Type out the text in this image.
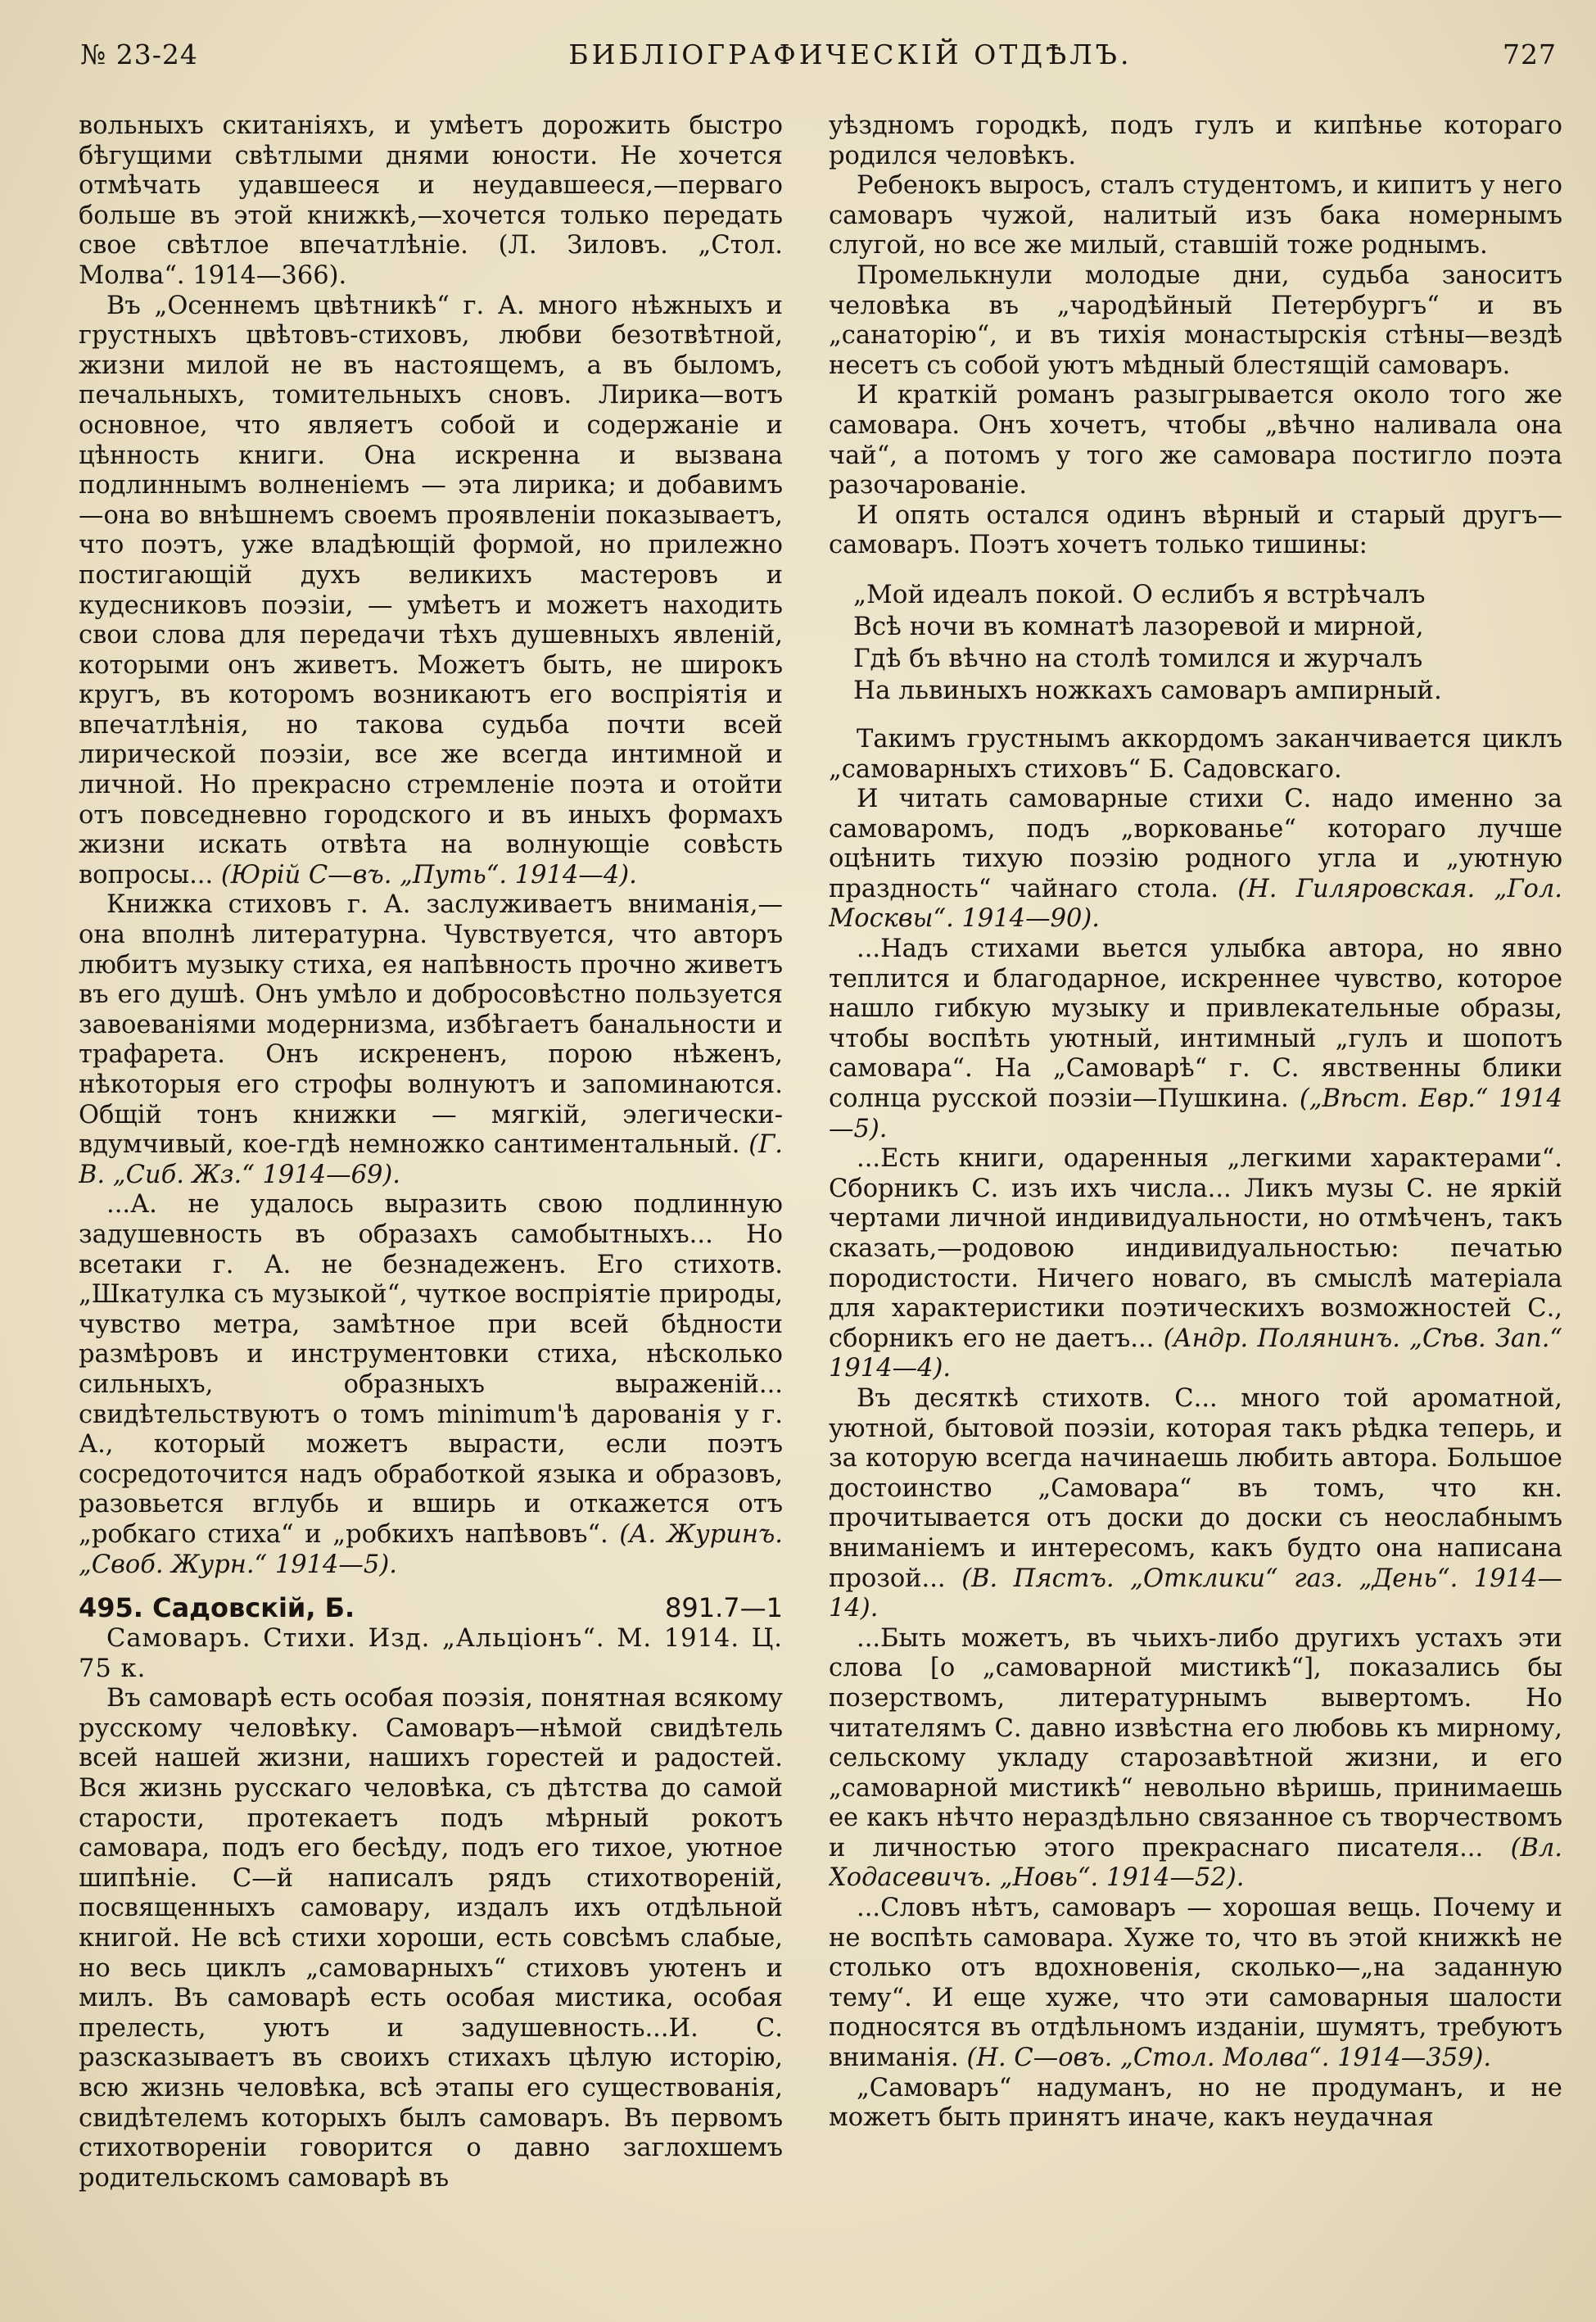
№ 23-24	БИБЛІОГРАФИЧЕСКІЙ ОТДѢЛЪ.	727

вольныхъ скитаніяхъ, и умѣетъ дорожить быстро бѣгущими свѣтлыми днями юности. Не хочется отмѣчать удавшееся и неудавшееся,—перваго больше въ этой книжкѣ,—хочется только передать свое свѣтлое впечатлѣніе. (Л. Зиловъ. „Стол. Молва“. 1914—366).

Въ „Осеннемъ цвѣтникѣ“ г. А. много нѣжныхъ и грустныхъ цвѣтовъ-стиховъ, любви безотвѣтной, жизни милой не въ настоящемъ, а въ быломъ, печальныхъ, томительныхъ сновъ. Лирика—вотъ основное, что являетъ собой и содержаніе и цѣнность книги. Она искренна и вызвана подлиннымъ волненіемъ — эта лирика; и добавимъ—она во внѣшнемъ своемъ проявленіи показываетъ, что поэтъ, уже владѣющій формой, но прилежно постигающій духъ великихъ мастеровъ и кудесниковъ поэзіи, — умѣетъ и можетъ находить свои слова для передачи тѣхъ душевныхъ явленій, которыми онъ живетъ. Можетъ быть, не широкъ кругъ, въ которомъ возникаютъ его воспріятія и впечатлѣнія, но такова судьба почти всей лирической поэзіи, все же всегда интимной и личной. Но прекрасно стремленіе поэта и отойти отъ повседневно городского и въ иныхъ формахъ жизни искать отвѣта на волнующіе совѣсть вопросы... (Юрій С—въ. „Путь“. 1914—4).

Книжка стиховъ г. А. заслуживаетъ вниманія,—она вполнѣ литературна. Чувствуется, что авторъ любитъ музыку стиха, ея напѣвность прочно живетъ въ его душѣ. Онъ умѣло и добросовѣстно пользуется завоеваніями модернизма, избѣгаетъ банальности и трафарета. Онъ искрененъ, порою нѣженъ, нѣкоторыя его строфы волнуютъ и запоминаются. Общій тонъ книжки — мягкій, элегически-вдумчивый, кое-гдѣ немножко сантиментальный. (Г. В. „Сиб. Жз.“ 1914—69).

...А. не удалось выразить свою подлинную задушевность въ образахъ самобытныхъ... Но всетаки г. А. не безнадеженъ. Его стихотв. „Шкатулка съ музыкой“, чуткое воспріятіе природы, чувство метра, замѣтное при всей бѣдности размѣровъ и инструментовки стиха, нѣсколько сильныхъ, образныхъ выраженій... свидѣтельствуютъ о томъ minimum'ѣ дарованія у г. А., который можетъ вырасти, если поэтъ сосредоточится надъ обработкой языка и образовъ, разовьется вглубь и вширь и откажется отъ „робкаго стиха“ и „робкихъ напѣвовъ“. (А. Журинъ. „Своб. Журн.“ 1914—5).

495. Садовскій, Б.	891.7—1

Самоваръ. Стихи. Изд. „Альціонъ“. М. 1914. Ц. 75 к.

Въ самоварѣ есть особая поэзія, понятная всякому русскому человѣку. Самоваръ—нѣмой свидѣтель всей нашей жизни, нашихъ горестей и радостей. Вся жизнь русскаго человѣка, съ дѣтства до самой старости, протекаетъ подъ мѣрный рокотъ самовара, подъ его бесѣду, подъ его тихое, уютное шипѣніе. С—й написалъ рядъ стихотвореній, посвященныхъ самовару, издалъ ихъ отдѣльной книгой. Не всѣ стихи хороши, есть совсѣмъ слабые, но весь циклъ „самоварныхъ“ стиховъ уютенъ и милъ. Въ самоварѣ есть особая мистика, особая прелесть, уютъ и задушевность...И. С. разсказываетъ въ своихъ стихахъ цѣлую исторію, всю жизнь человѣка, всѣ этапы его существованія, свидѣтелемъ которыхъ былъ самоваръ. Въ первомъ стихотвореніи говорится о давно заглохшемъ родительскомъ самоварѣ въ

уѣздномъ городкѣ, подъ гулъ и кипѣнье котораго родился человѣкъ.

Ребенокъ выросъ, сталъ студентомъ, и кипитъ у него самоваръ чужой, налитый изъ бака номернымъ слугой, но все же милый, ставшій тоже роднымъ.

Промелькнули молодые дни, судьба заноситъ человѣка въ „чародѣйный Петербургъ“ и въ „санаторію“, и въ тихія монастырскія стѣны—вездѣ несетъ съ собой уютъ мѣдный блестящій самоваръ.

И краткій романъ разыгрывается около того же самовара. Онъ хочетъ, чтобы „вѣчно наливала она чай“, а потомъ у того же самовара постигло поэта разочарованіе.

И опять остался одинъ вѣрный и старый другъ—самоваръ. Поэтъ хочетъ только тишины:

„Мой идеалъ покой. О еслибъ я встрѣчалъ
Всѣ ночи въ комнатѣ лазоревой и мирной,
Гдѣ бъ вѣчно на столѣ томился и журчалъ
На львиныхъ ножкахъ самоваръ ампирный.

Такимъ грустнымъ аккордомъ заканчивается циклъ „самоварныхъ стиховъ“ Б. Садовскаго.

И читать самоварные стихи С. надо именно за самоваромъ, подъ „воркованье“ котораго лучше оцѣнить тихую поэзію родного угла и „уютную праздность“ чайнаго стола. (Н. Гиляровская. „Гол. Москвы“. 1914—90).

...Надъ стихами вьется улыбка автора, но явно теплится и благодарное, искреннее чувство, которое нашло гибкую музыку и привлекательные образы, чтобы воспѣть уютный, интимный „гулъ и шопотъ самовара“. На „Самоварѣ“ г. С. явственны блики солнца русской поэзіи—Пушкина. („Вѣст. Евр.“ 1914—5).

...Есть книги, одаренныя „легкими характерами“. Сборникъ С. изъ ихъ числа... Ликъ музы С. не яркій чертами личной индивидуальности, но отмѣченъ, такъ сказать,—родовою индивидуальностью: печатью породистости. Ничего новаго, въ смыслѣ матеріала для характеристики поэтическихъ возможностей С., сборникъ его не даетъ... (Андр. Полянинъ. „Сѣв. Зап.“ 1914—4).

Въ десяткѣ стихотв. С... много той ароматной, уютной, бытовой поэзіи, которая такъ рѣдка теперь, и за которую всегда начинаешь любить автора. Большое достоинство „Самовара“ въ томъ, что кн. прочитывается отъ доски до доски съ неослабнымъ вниманіемъ и интересомъ, какъ будто она написана прозой... (В. Пястъ. „Отклики“ газ. „День“. 1914—14).

...Быть можетъ, въ чьихъ-либо другихъ устахъ эти слова [о „самоварной мистикѣ“], показались бы позерствомъ, литературнымъ вывертомъ. Но читателямъ С. давно извѣстна его любовь къ мирному, сельскому укладу старозавѣтной жизни, и его „самоварной мистикѣ“ невольно вѣришь, принимаешь ее какъ нѣчто нераздѣльно связанное съ творчествомъ и личностью этого прекраснаго писателя... (Вл. Ходасевичъ. „Новь“. 1914—52).

...Словъ нѣтъ, самоваръ — хорошая вещь. Почему и не воспѣть самовара. Хуже то, что въ этой книжкѣ не столько отъ вдохновенія, сколько—„на заданную тему“. И еще хуже, что эти самоварныя шалости подносятся въ отдѣльномъ изданіи, шумятъ, требуютъ вниманія. (Н. С—овъ. „Стол. Молва“. 1914—359).

„Самоваръ“ надуманъ, но не продуманъ, и не можетъ быть принятъ иначе, какъ неудачная
